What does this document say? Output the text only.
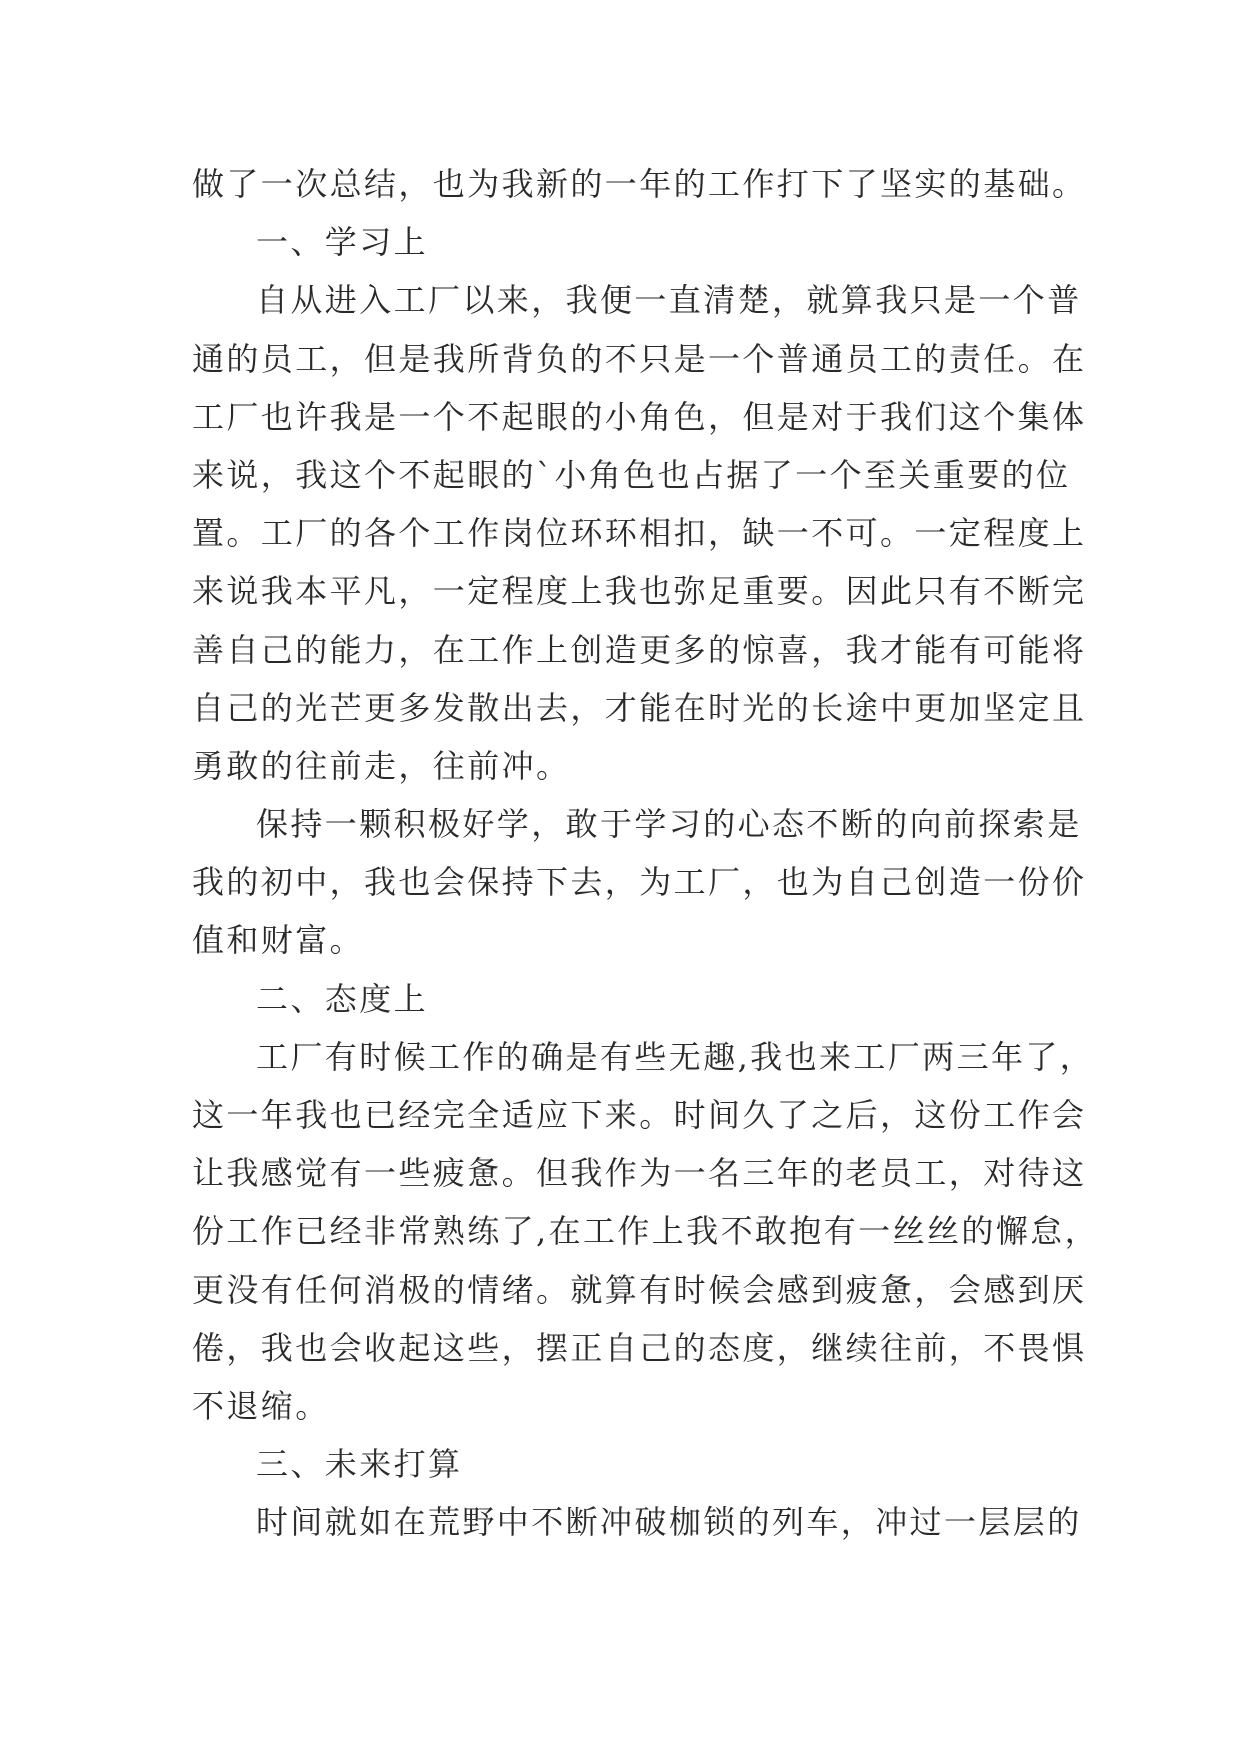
做了一次总结，也为我新的一年的工作打下了坚实的基础。
一、学习上
自从进入工厂以来，我便一直清楚，就算我只是一个普
通的员工，但是我所背负的不只是一个普通员工的责任。在
工厂也许我是一个不起眼的小角色，但是对于我们这个集体
来说，我这个不起眼的`小角色也占据了一个至关重要的位
置。工厂的各个工作岗位环环相扣，缺一不可。一定程度上
来说我本平凡，一定程度上我也弥足重要。因此只有不断完
善自己的能力，在工作上创造更多的惊喜，我才能有可能将
自己的光芒更多发散出去，才能在时光的长途中更加坚定且
勇敢的往前走，往前冲。
保持一颗积极好学，敢于学习的心态不断的向前探索是
我的初中，我也会保持下去，为工厂，也为自己创造一份价
值和财富。
二、态度上
工厂有时候工作的确是有些无趣,我也来工厂两三年了，
这一年我也已经完全适应下来。时间久了之后，这份工作会
让我感觉有一些疲惫。但我作为一名三年的老员工，对待这
份工作已经非常熟练了,在工作上我不敢抱有一丝丝的懈怠，
更没有任何消极的情绪。就算有时候会感到疲惫，会感到厌
倦，我也会收起这些，摆正自己的态度，继续往前，不畏惧
不退缩。
三、未来打算
时间就如在荒野中不断冲破枷锁的列车，冲过一层层的
